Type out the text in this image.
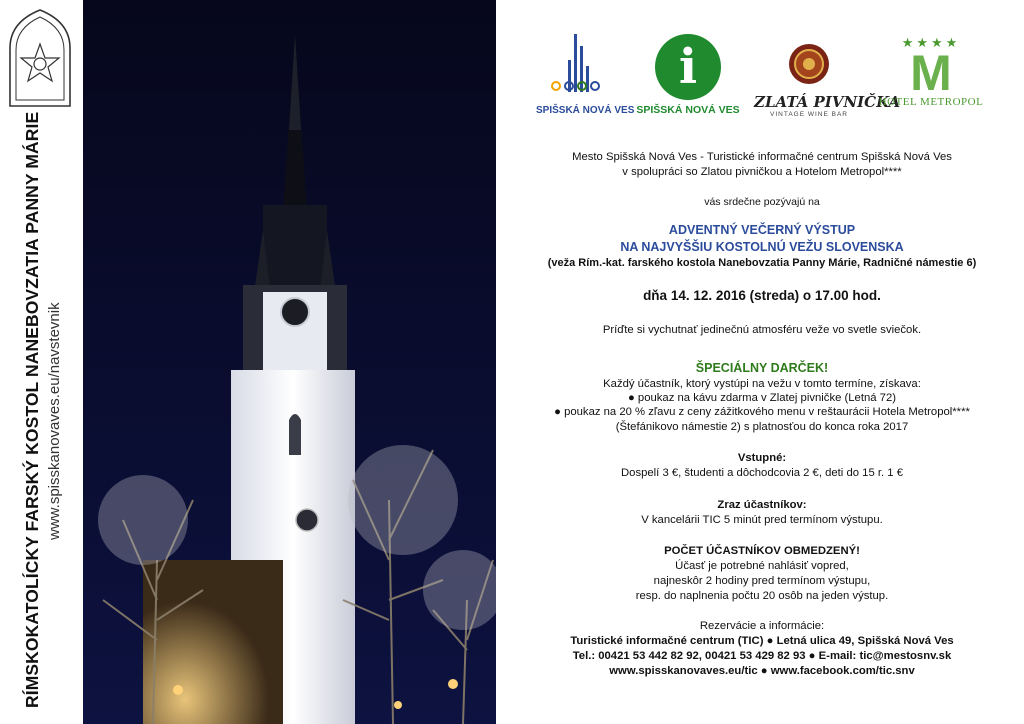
RÍMSKOKATOLÍCKY FARSKÝ KOSTOL NANEBOVZATIA PANNY MÁRIE www.spisskanovaves.eu/navstevnik
SPIŠSKÁ NOVÁ VES
i
SPIŠSKÁ NOVÁ VES ZLATÁ PIVNIČKA
VINTAGE WINE BAR
★★★★
M
HOTEL METROPOL
Mesto Spišská Nová Ves - Turistické informačné centrum Spišská Nová Ves
v spolupráci so Zlatou pivničkou a Hotelom Metropol****
vás srdečne pozývajú na
ADVENTNÝ VEČERNÝ VÝSTUP
NA NAJVYŠŠIU KOSTOLNÚ VEŽU SLOVENSKA
(veža Rím.-kat. farského kostola Nanebovzatia Panny Márie, Radničné námestie 6)
dňa 14. 12. 2016 (streda) o 17.00 hod.
Príďte si vychutnať jedinečnú atmosféru veže vo svetle sviečok.
ŠPECIÁLNY DARČEK!
Každý účastník, ktorý vystúpi na vežu v tomto termíne, získava:
● poukaz na kávu zdarma v Zlatej pivničke (Letná 72)
● poukaz na 20 % zľavu z ceny zážitkového menu v reštaurácii Hotela Metropol****
(Štefánikovo námestie 2) s platnosťou do konca roka 2017
Vstupné:
Dospelí 3 €, študenti a dôchodcovia 2 €, deti do 15 r. 1 €
Zraz účastníkov:
V kancelárii TIC 5 minút pred termínom výstupu.
POČET ÚČASTNÍKOV OBMEDZENÝ!
Účasť je potrebné nahlásiť vopred,
najneskôr 2 hodiny pred termínom výstupu,
resp. do naplnenia počtu 20 osôb na jeden výstup.
Rezervácie a informácie:
Turistické informačné centrum (TIC) ● Letná ulica 49, Spišská Nová Ves
Tel.: 00421 53 442 82 92, 00421 53 429 82 93 ● E-mail: tic@mestosnv.sk
www.spisskanovaves.eu/tic ● www.facebook.com/tic.snv
